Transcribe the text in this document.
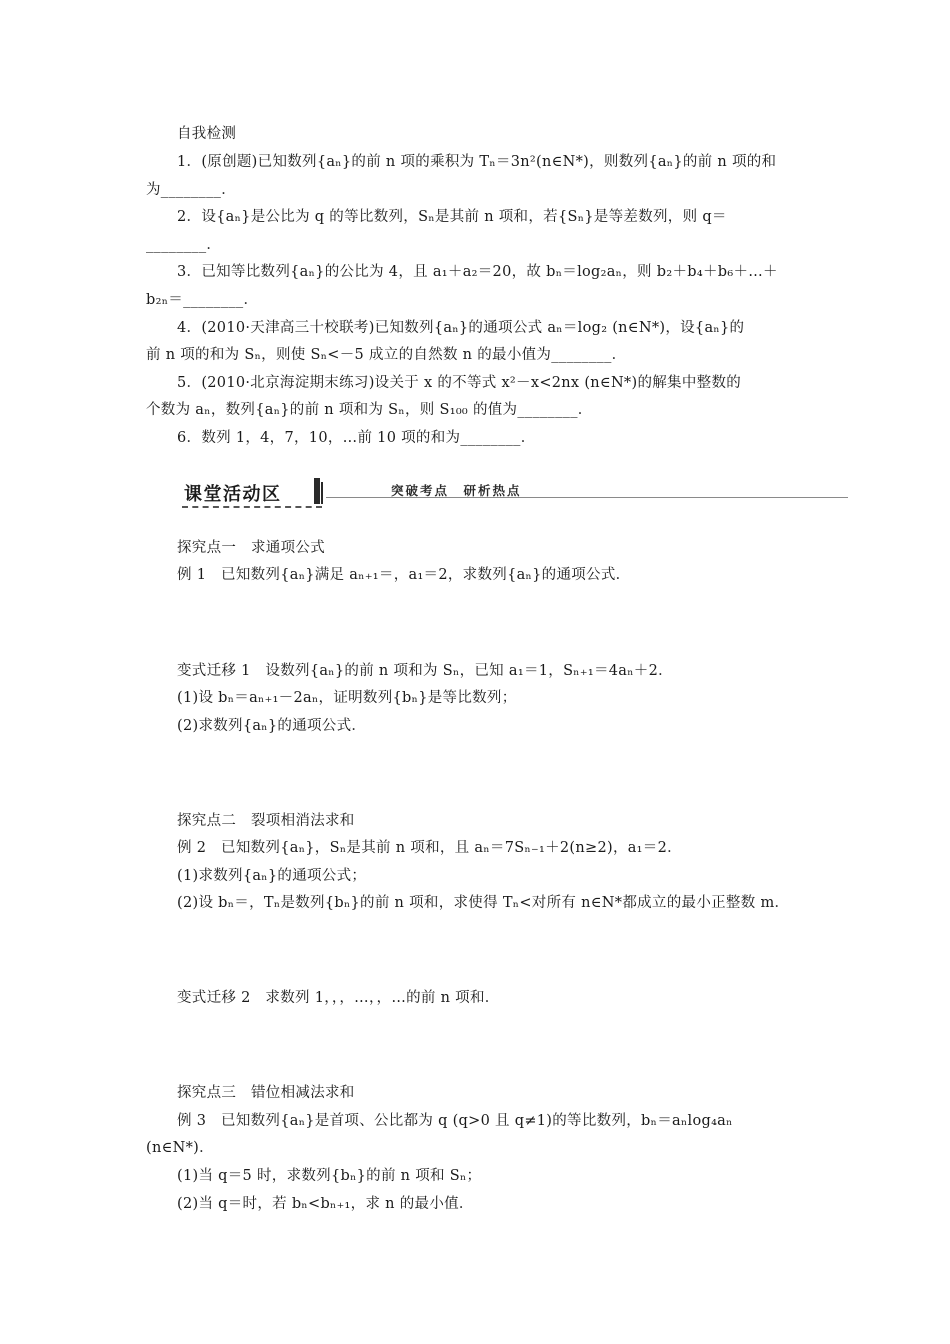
自我检测
1．(原创题)已知数列{aₙ}的前 n 项的乘积为 Tₙ＝3n²(n∈N*)，则数列{aₙ}的前 n 项的和
为________．
2．设{aₙ}是公比为 q 的等比数列，Sₙ是其前 n 项和，若{Sₙ}是等差数列，则 q＝
________．
3．已知等比数列{aₙ}的公比为 4，且 a₁＋a₂＝20，故 bₙ＝log₂aₙ，则 b₂＋b₄＋b₆＋…＋
b₂ₙ＝________．
4．(2010·天津高三十校联考)已知数列{aₙ}的通项公式 aₙ＝log₂ (n∈N*)，设{aₙ}的
前 n 项的和为 Sₙ，则使 Sₙ<－5 成立的自然数 n 的最小值为________．
5．(2010·北京海淀期末练习)设关于 x 的不等式 x²－x<2nx (n∈N*)的解集中整数的
个数为 aₙ，数列{aₙ}的前 n 项和为 Sₙ，则 S₁₀₀ 的值为________．
6．数列 1，4，7，10，…前 10 项的和为________．
课堂活动区	突破考点　研析热点
探究点一　求通项公式
例 1　已知数列{aₙ}满足 aₙ₊₁＝，a₁＝2，求数列{aₙ}的通项公式．
变式迁移 1　设数列{aₙ}的前 n 项和为 Sₙ，已知 a₁＝1，Sₙ₊₁＝4aₙ＋2．
(1)设 bₙ＝aₙ₊₁－2aₙ，证明数列{bₙ}是等比数列；
(2)求数列{aₙ}的通项公式．
探究点二　裂项相消法求和
例 2　已知数列{aₙ}，Sₙ是其前 n 项和，且 aₙ＝7Sₙ₋₁＋2(n≥2)，a₁＝2．
(1)求数列{aₙ}的通项公式；
(2)设 bₙ＝，Tₙ是数列{bₙ}的前 n 项和，求使得 Tₙ<对所有 n∈N*都成立的最小正整数 m．
变式迁移 2　求数列 1，，，…，，…的前 n 项和．
探究点三　错位相减法求和
例 3　已知数列{aₙ}是首项、公比都为 q (q>0 且 q≠1)的等比数列，bₙ＝aₙlog₄aₙ
(n∈N*)．
(1)当 q＝5 时，求数列{bₙ}的前 n 项和 Sₙ；
(2)当 q＝时，若 bₙ<bₙ₊₁，求 n 的最小值．
